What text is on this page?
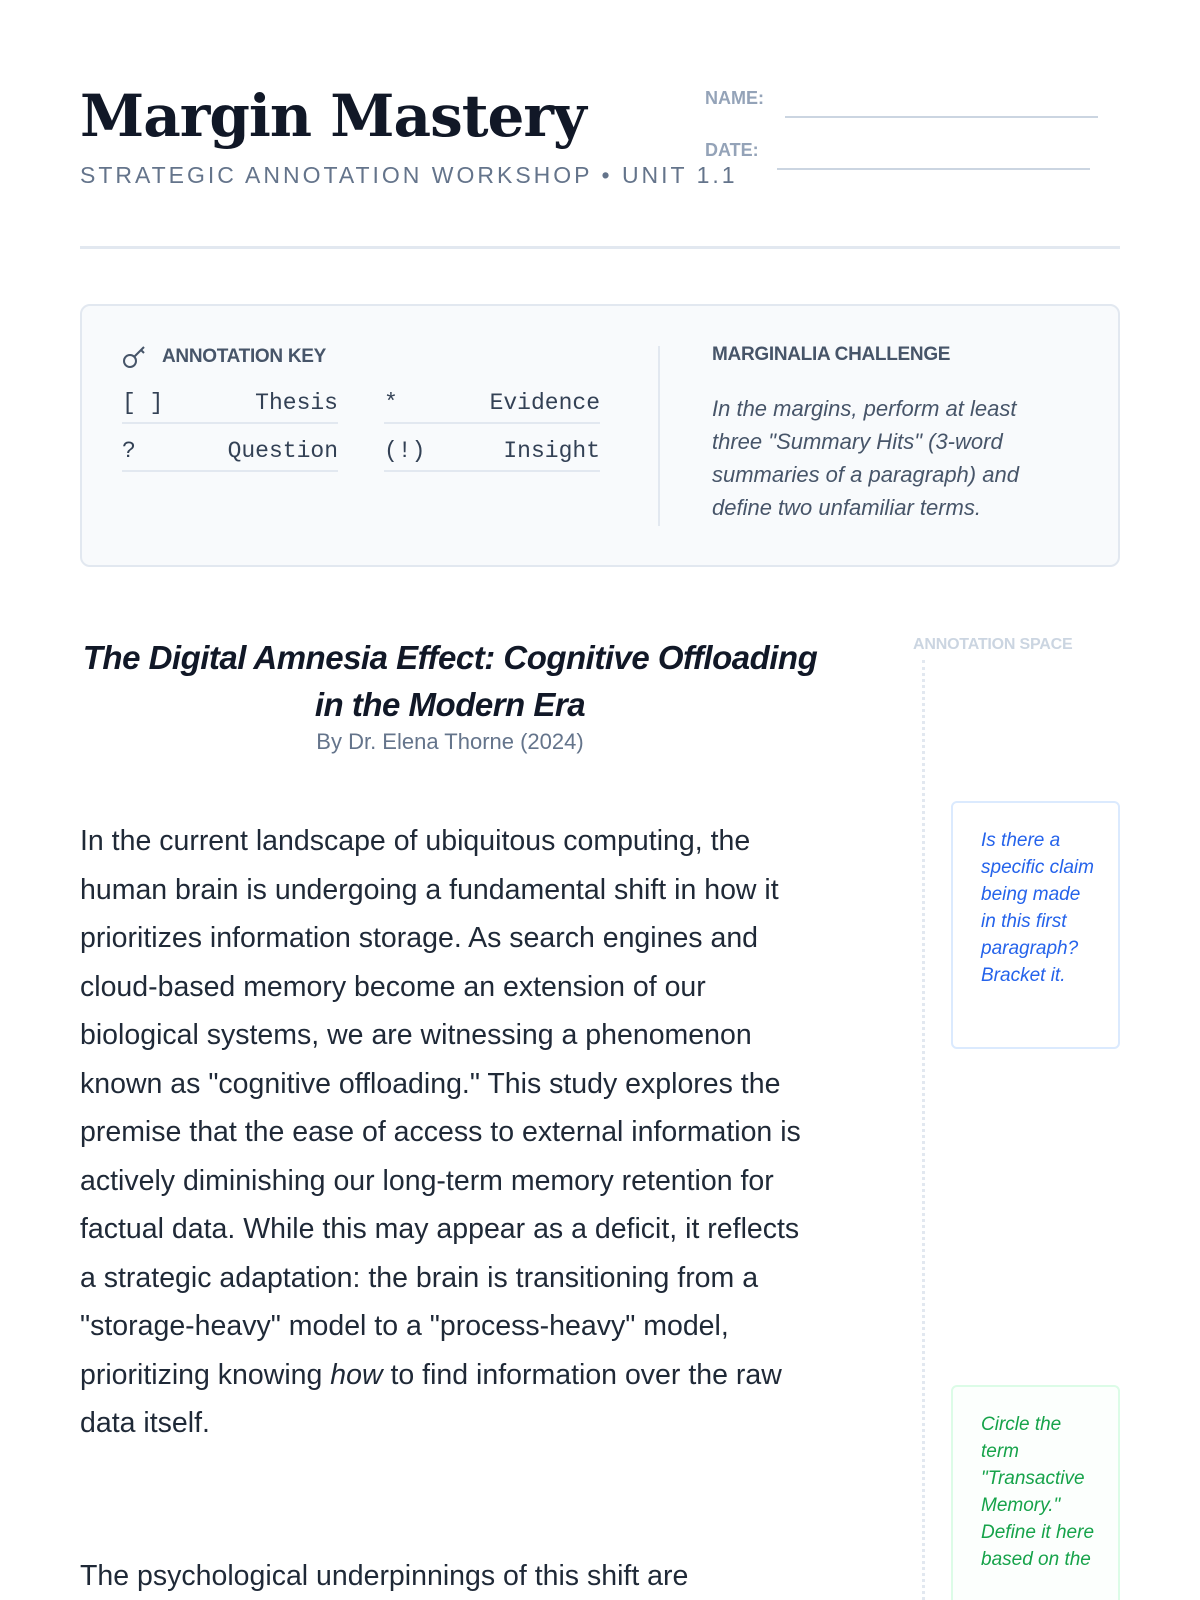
Margin Mastery
STRATEGIC ANNOTATION WORKSHOP • UNIT 1.1
NAME:
DATE:
ANNOTATION KEY
[ ]	Thesis *	Evidence
?	Question (!)	Insight
MARGINALIA CHALLENGE
In the margins, perform at least three "Summary Hits" (3-word summaries of a paragraph) and define two unfamiliar terms.
The Digital Amnesia Effect: Cognitive Offloading in the Modern Era
By Dr. Elena Thorne (2024)

In the current landscape of ubiquitous computing, the human brain is undergoing a fundamental shift in how it prioritizes information storage. As search engines and cloud-based memory become an extension of our biological systems, we are witnessing a phenomenon known as "cognitive offloading." This study explores the premise that the ease of access to external information is actively diminishing our long-term memory retention for factual data. While this may appear as a deficit, it reflects a strategic adaptation: the brain is transitioning from a "storage-heavy" model to a "process-heavy" model, prioritizing knowing how to find information over the raw data itself.

The psychological underpinnings of this shift are

ANNOTATION SPACE
Is there a specific claim being made in this first paragraph? Bracket it.
Circle the term "Transactive Memory." Define it here based on the
